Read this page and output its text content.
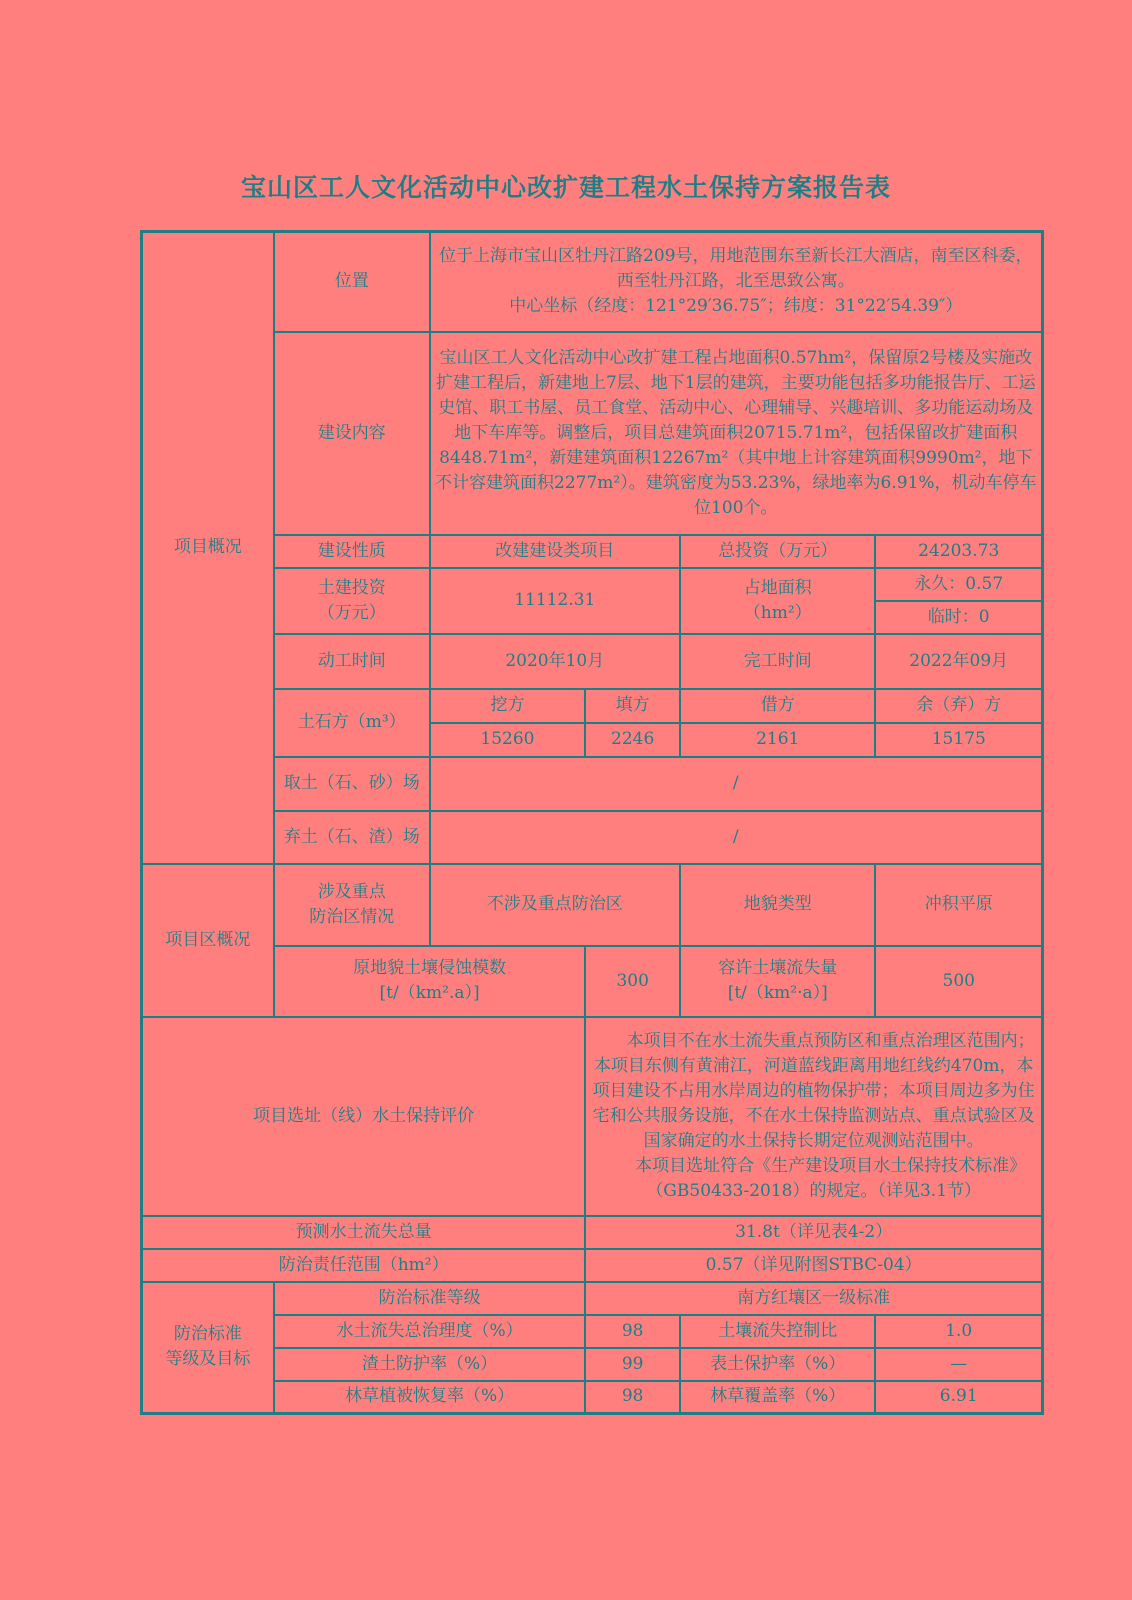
宝山区工人文化活动中心改扩建工程水土保持方案报告表
项目概况	位置	位于上海市宝山区牡丹江路209号，用地范围东至新长江大酒店，南至区科委，西至牡丹江路，北至思致公寓。
中心坐标（经度：121°29′36.75″；纬度：31°22′54.39″）			

	建设内容	宝山区工人文化活动中心改扩建工程占地面积0.57hm²，保留原2号楼及实施改扩建工程后，新建地上7层、地下1层的建筑，主要功能包括多功能报告厅、工运史馆、职工书屋、员工食堂、活动中心、心理辅导、兴趣培训、多功能运动场及地下车库等。调整后，项目总建筑面积20715.71m²，包括保留改扩建面积8448.71m²，新建建筑面积12267m²（其中地上计容建筑面积9990m²，地下不计容建筑面积2277m²）。建筑密度为53.23%，绿地率为6.91%，机动车停车位100个。			
	建设性质	改建建设类项目		总投资（万元）	24203.73

	土建投资
（万元）	11112.31		占地面积
（hm²）	永久：0.57
					临时：0
	动工时间	2020年10月		完工时间	2022年09月
	土石方（m³）	挖方	填方	借方	余（弃）方
		15260	2246	2161	15175
	取土（石、砂）场	/			
	弃土（石、渣）场	/			
项目区概况	涉及重点
防治区情况	不涉及重点防治区		地貌类型	冲积平原

	原地貌土壤侵蚀模数
[t/（km².a）]		300	容许土壤流失量
[t/（km²·a）]	500
项目选址（线）水土保持评价			本项目不在水土流失重点预防区和重点治理区范围内；本项目东侧有黄浦江，河道蓝线距离用地红线约470m，本项目建设不占用水岸周边的植物保护带；本项目周边多为住宅和公共服务设施，不在水土保持监测站点、重点试验区及国家确定的水土保持长期定位观测站范围中。
本项目选址符合《生产建设项目水土保持技术标准》（GB50433-2018）的规定。（详见3.1节）		

预测水土流失总量			31.8t（详见表4-2）		
防治责任范围（hm²）			0.57（详见附图STBC-04）		

防治标准
等级及目标	防治标准等级		南方红壤区一级标准		
	水土流失总治理度（%）		98	土壤流失控制比	1.0
	渣土防护率（%）		99	表土保护率（%）	—
	林草植被恢复率（%）		98	林草覆盖率（%）	6.91
